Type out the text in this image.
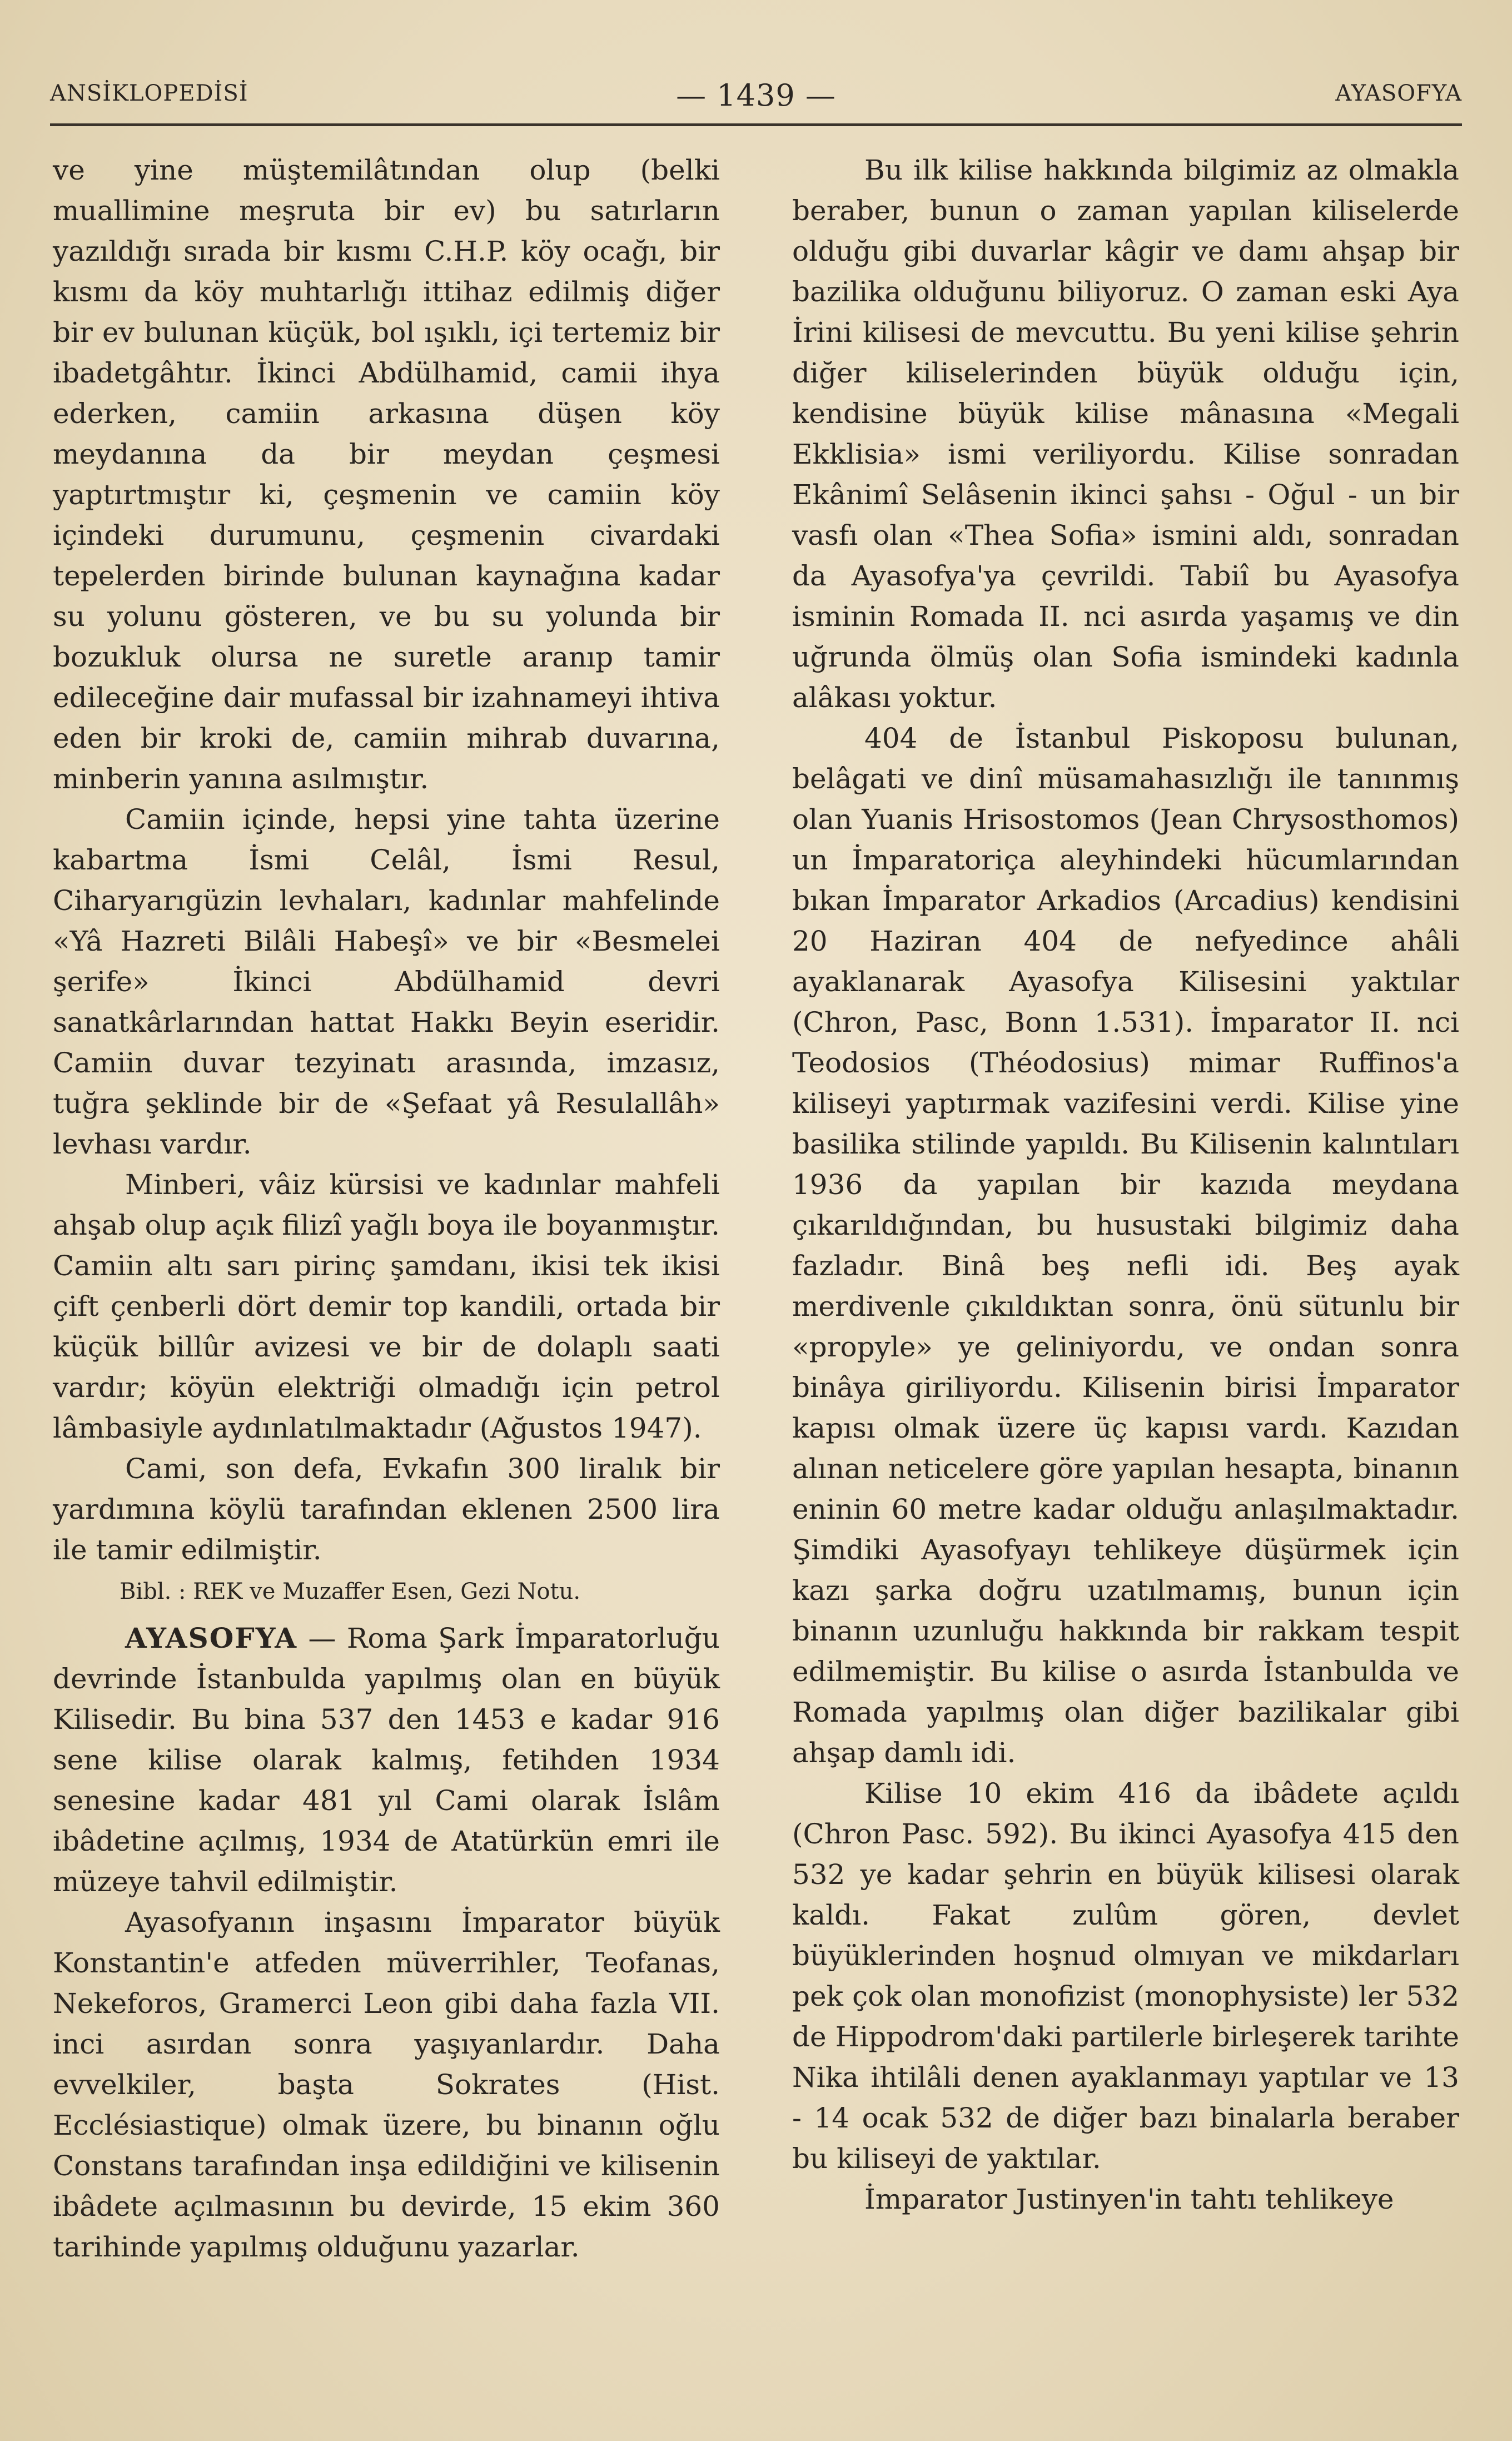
ANSİKLOPEDİSİ	— 1439 —	AYASOFYA

ve yine müştemilâtından olup (belki muallimine meşruta bir ev) bu satırların yazıldığı sırada bir kısmı C.H.P. köy ocağı, bir kısmı da köy muhtarlığı ittihaz edilmiş diğer bir ev bulunan küçük, bol ışıklı, içi tertemiz bir ibadetgâhtır. İkinci Abdülhamid, camii ihya ederken, camiin arkasına düşen köy meydanına da bir meydan çeşmesi yaptırtmıştır ki, çeşmenin ve camiin köy içindeki durumunu, çeşmenin civardaki tepelerden birinde bulunan kaynağına kadar su yolunu gösteren, ve bu su yolunda bir bozukluk olursa ne suretle aranıp tamir edileceğine dair mufassal bir izahnameyi ihtiva eden bir kroki de, camiin mihrab duvarına, minberin yanına asılmıştır.

Camiin içinde, hepsi yine tahta üzerine kabartma İsmi Celâl, İsmi Resul, Ciharyarıgüzin levhaları, kadınlar mahfelinde «Yâ Hazreti Bilâli Habeşî» ve bir «Besmelei şerife» İkinci Abdülhamid devri sanatkârlarından hattat Hakkı Beyin eseridir. Camiin duvar tezyinatı arasında, imzasız, tuğra şeklinde bir de «Şefaat yâ Resulallâh» levhası vardır.

Minberi, vâiz kürsisi ve kadınlar mahfeli ahşab olup açık filizî yağlı boya ile boyanmıştır. Camiin altı sarı pirinç şamdanı, ikisi tek ikisi çift çenberli dört demir top kandili, ortada bir küçük billûr avizesi ve bir de dolaplı saati vardır; köyün elektriği olmadığı için petrol lâmbasiyle aydınlatılmaktadır (Ağustos 1947).

Cami, son defa, Evkafın 300 liralık bir yardımına köylü tarafından eklenen 2500 lira ile tamir edilmiştir.

Bibl. : REK ve Muzaffer Esen, Gezi Notu.

AYASOFYA — Roma Şark İmparatorluğu devrinde İstanbulda yapılmış olan en büyük Kilisedir. Bu bina 537 den 1453 e kadar 916 sene kilise olarak kalmış, fetihden 1934 senesine kadar 481 yıl Cami olarak İslâm ibâdetine açılmış, 1934 de Atatürkün emri ile müzeye tahvil edilmiştir.

Ayasofyanın inşasını İmparator büyük Konstantin'e atfeden müverrihler, Teofanas, Nekeforos, Gramerci Leon gibi daha fazla VII. inci asırdan sonra yaşıyanlardır. Daha evvelkiler, başta Sokrates (Hist. Ecclésiastique) olmak üzere, bu binanın oğlu Constans tarafından inşa edildiğini ve kilisenin ibâdete açılmasının bu devirde, 15 ekim 360 tarihinde yapılmış olduğunu yazarlar.

Bu ilk kilise hakkında bilgimiz az olmakla beraber, bunun o zaman yapılan kiliselerde olduğu gibi duvarlar kâgir ve damı ahşap bir bazilika olduğunu biliyoruz. O zaman eski Aya İrini kilisesi de mevcuttu. Bu yeni kilise şehrin diğer kiliselerinden büyük olduğu için, kendisine büyük kilise mânasına «Megali Ekklisia» ismi veriliyordu. Kilise sonradan Ekânimî Selâsenin ikinci şahsı - Oğul - un bir vasfı olan «Thea Sofia» ismini aldı, sonradan da Ayasofya'ya çevrildi. Tabiî bu Ayasofya isminin Romada II. nci asırda yaşamış ve din uğrunda ölmüş olan Sofia ismindeki kadınla alâkası yoktur.

404 de İstanbul Piskoposu bulunan, belâgati ve dinî müsamahasızlığı ile tanınmış olan Yuanis Hrisostomos (Jean Chrysosthomos) un İmparatoriça aleyhindeki hücumlarından bıkan İmparator Arkadios (Arcadius) kendisini 20 Haziran 404 de nefyedince ahâli ayaklanarak Ayasofya Kilisesini yaktılar (Chron, Pasc, Bonn 1.531). İmparator II. nci Teodosios (Théodosius) mimar Ruffinos'a kiliseyi yaptırmak vazifesini verdi. Kilise yine basilika stilinde yapıldı. Bu Kilisenin kalıntıları 1936 da yapılan bir kazıda meydana çıkarıldığından, bu husustaki bilgimiz daha fazladır. Binâ beş nefli idi. Beş ayak merdivenle çıkıldıktan sonra, önü sütunlu bir «propyle» ye geliniyordu, ve ondan sonra binâya giriliyordu. Kilisenin birisi İmparator kapısı olmak üzere üç kapısı vardı. Kazıdan alınan neticelere göre yapılan hesapta, binanın eninin 60 metre kadar olduğu anlaşılmaktadır. Şimdiki Ayasofyayı tehlikeye düşürmek için kazı şarka doğru uzatılmamış, bunun için binanın uzunluğu hakkında bir rakkam tespit edilmemiştir. Bu kilise o asırda İstanbulda ve Romada yapılmış olan diğer bazilikalar gibi ahşap damlı idi.

Kilise 10 ekim 416 da ibâdete açıldı (Chron Pasc. 592). Bu ikinci Ayasofya 415 den 532 ye kadar şehrin en büyük kilisesi olarak kaldı. Fakat zulûm gören, devlet büyüklerinden hoşnud olmıyan ve mikdarları pek çok olan monofizist (monophysiste) ler 532 de Hippodrom'daki partilerle birleşerek tarihte Nika ihtilâli denen ayaklanmayı yaptılar ve 13 - 14 ocak 532 de diğer bazı binalarla beraber bu kiliseyi de yaktılar.

İmparator Justinyen'in tahtı tehlikeye
